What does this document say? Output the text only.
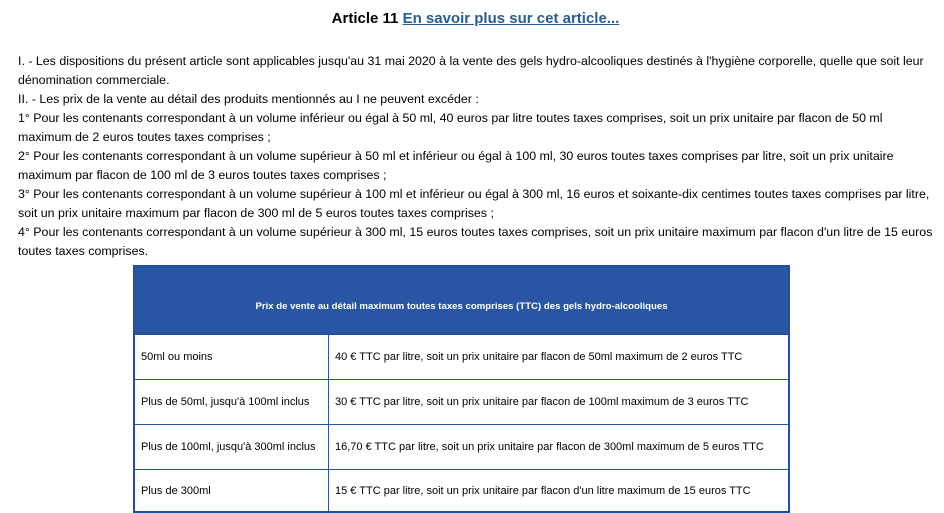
Article 11 En savoir plus sur cet article...

I. - Les dispositions du présent article sont applicables jusqu'au 31 mai 2020 à la vente des gels hydro-alcooliques destinés à l'hygiène corporelle, quelle que soit leur dénomination commerciale.

II. - Les prix de la vente au détail des produits mentionnés au I ne peuvent excéder :

1° Pour les contenants correspondant à un volume inférieur ou égal à 50 ml, 40 euros par litre toutes taxes comprises, soit un prix unitaire par flacon de 50 ml maximum de 2 euros toutes taxes comprises ;

2° Pour les contenants correspondant à un volume supérieur à 50 ml et inférieur ou égal à 100 ml, 30 euros toutes taxes comprises par litre, soit un prix unitaire maximum par flacon de 100 ml de 3 euros toutes taxes comprises ;

3° Pour les contenants correspondant à un volume supérieur à 100 ml et inférieur ou égal à 300 ml, 16 euros et soixante-dix centimes toutes taxes comprises par litre, soit un prix unitaire maximum par flacon de 300 ml de 5 euros toutes taxes comprises ;

4° Pour les contenants correspondant à un volume supérieur à 300 ml, 15 euros toutes taxes comprises, soit un prix unitaire maximum par flacon d'un litre de 15 euros toutes taxes comprises.

Prix de vente au détail maximum toutes taxes comprises (TTC) des gels hydro-alcooliques	
50ml ou moins	40 € TTC par litre, soit un prix unitaire par flacon de 50ml maximum de 2 euros TTC
Plus de 50ml, jusqu'à 100ml inclus	30 € TTC par litre, soit un prix unitaire par flacon de 100ml maximum de 3 euros TTC
Plus de 100ml, jusqu'à 300ml inclus	16,70 € TTC par litre, soit un prix unitaire par flacon de 300ml maximum de 5 euros TTC
Plus de 300ml	15 € TTC par litre, soit un prix unitaire par flacon d'un litre maximum de 15 euros TTC
